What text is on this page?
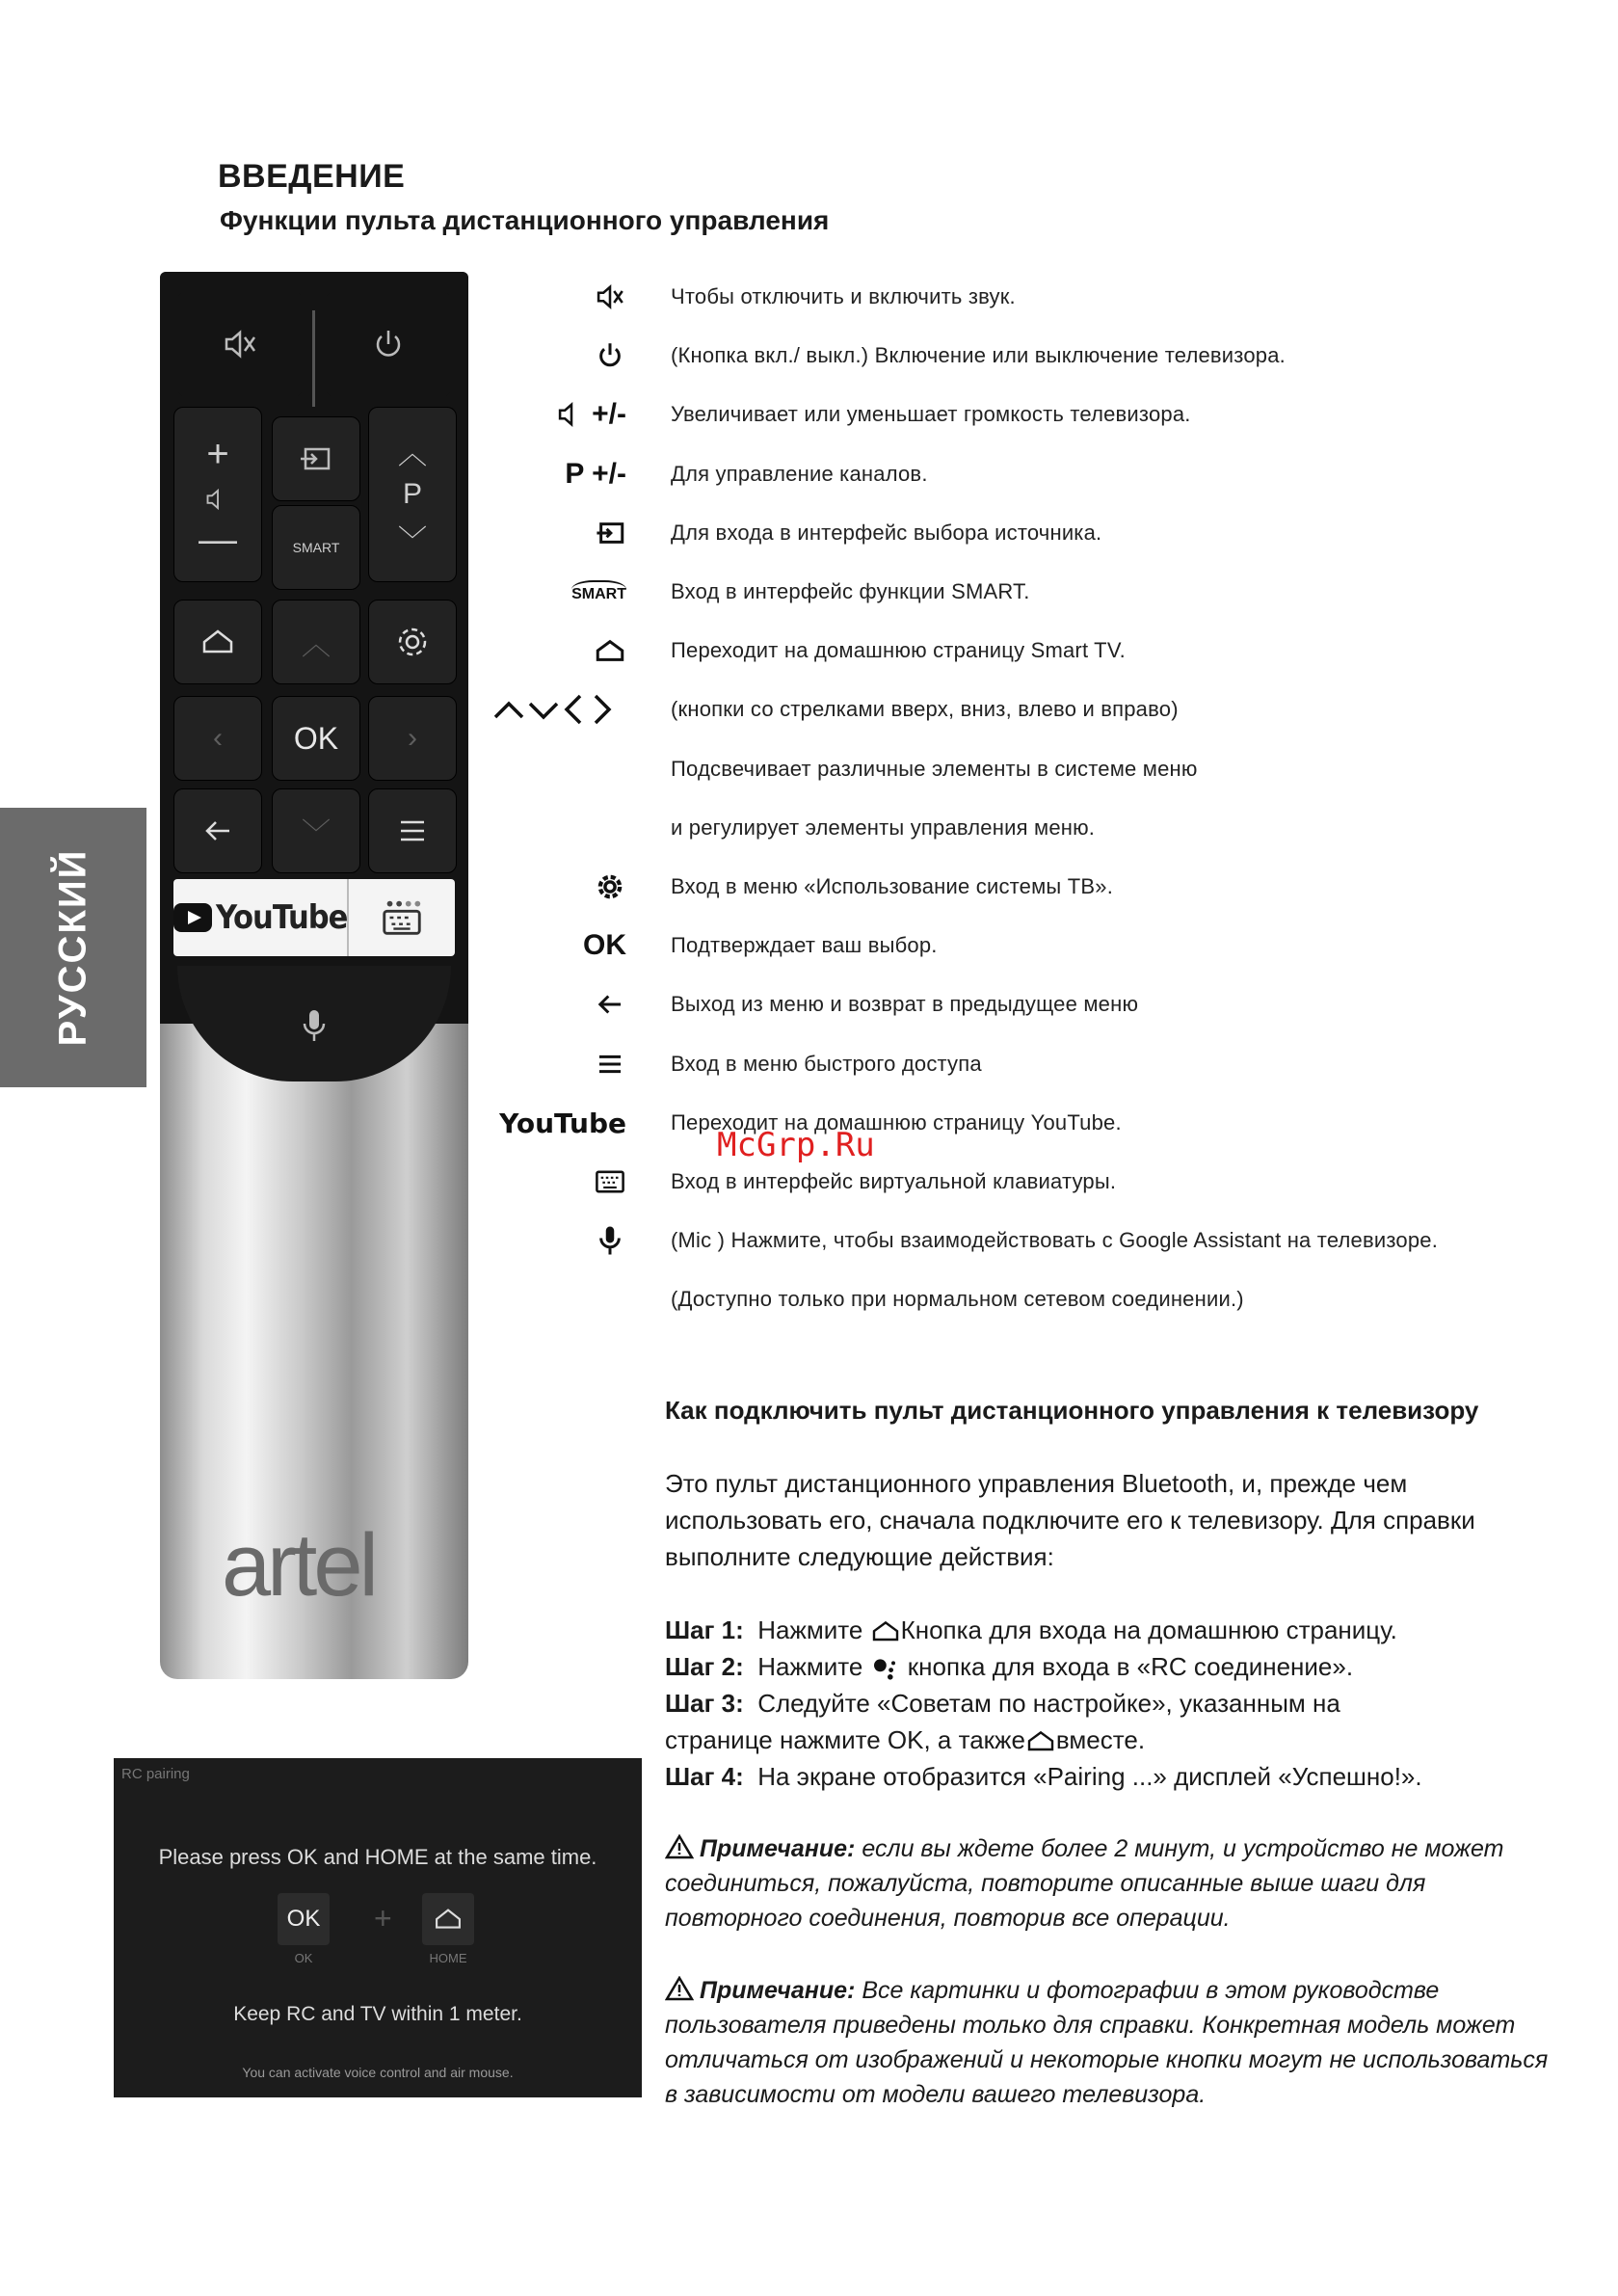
ВВЕДЕНИЕ
Функции пульта дистанционного управления
РУССКИЙ
+
—	SMART
︿
P
﹀
︿
‹	OK	›
﹀
YouTube
artel
Чтобы отключить и включить звук.
(Кнопка вкл./ выкл.) Включение или выключение телевизора.
+/- Увеличивает или уменьшает громкость телевизора.
P +/- Для управление каналов.
Для входа в интерфейс выбора источника.
SMART Вход в интерфейс функции SMART.
Переходит на домашнюю страницу Smart TV.
(кнопки со стрелками вверх, вниз, влево и вправо)
Подсвечивает различные элементы в системе меню
и регулирует элементы управления меню.
Вход в меню «Использование системы ТВ».
OK Подтверждает ваш выбор.
Выход из меню и возврат в предыдущее меню
Вход в меню быстрого доступа
YouTube Переходит на домашнюю страницу YouTube.
Вход в интерфейс виртуальной клавиатуры.
(Mic ) Нажмите, чтобы взаимодействовать с Google Assistant на телевизоре.
(Доступно только при нормальном сетевом соединении.)
McGrp.Ru
RC pairing
Please press OK and HOME at the same time.
OK
OK
+
HOME
Keep RC and TV within 1 meter.
You can activate voice control and air mouse.
Как подключить пульт дистанционного управления к телевизору
Это пульт дистанционного управления Bluetooth, и, прежде чем использовать его, сначала подключите его к телевизору. Для справки выполните следующие действия:
Шаг 1: Нажмите Кнопка для входа на домашнюю страницу.
Шаг 2: Нажмите кнопка для входа в «RC соединение».
Шаг 3: Следуйте «Советам по настройке», указанным на
странице нажмите OK, а также вместе.
Шаг 4: На экране отобразится «Pairing ...» дисплей «Успешно!».
Примечание: если вы ждете более 2 минут, и устройство не может соединиться, пожалуйста, повторите описанные выше шаги для повторного соединения, повторив все операции.
Примечание: Все картинки и фотографии в этом руководстве пользователя приведены только для справки. Конкретная модель может отличаться от изображений и некоторые кнопки могут не использоваться в зависимости от модели вашего телевизора.
